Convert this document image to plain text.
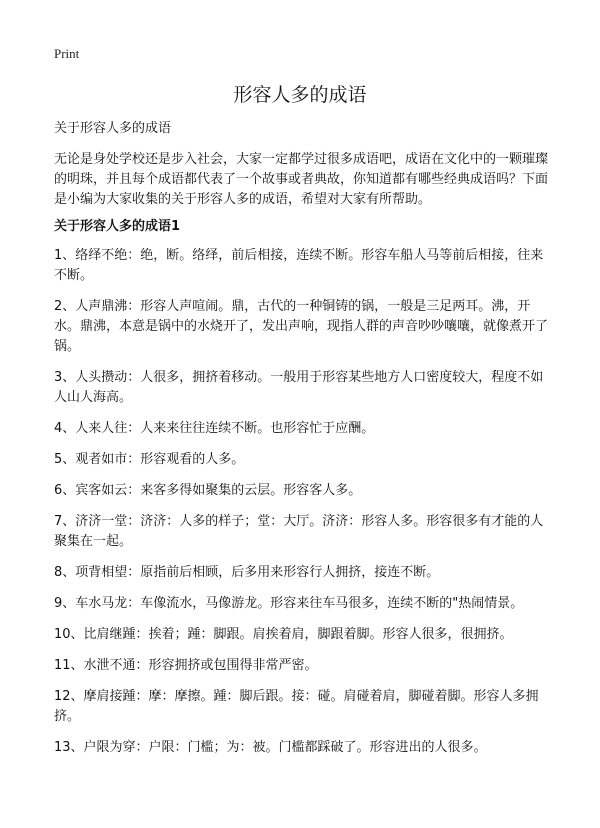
Print
形容人多的成语
关于形容人多的成语

无论是身处学校还是步入社会，大家一定都学过很多成语吧，成语在文化中的一颗璀璨的明珠，并且每个成语都代表了一个故事或者典故，你知道都有哪些经典成语吗？下面是小编为大家收集的关于形容人多的成语，希望对大家有所帮助。

关于形容人多的成语1
1、络绎不绝：绝，断。络绎，前后相接，连续不断。形容车船人马等前后相接，往来不断。
2、人声鼎沸：形容人声喧闹。鼎，古代的一种铜铸的锅，一般是三足两耳。沸，开水。鼎沸，本意是锅中的水烧开了，发出声响，现指人群的声音吵吵嚷嚷，就像煮开了锅。
3、人头攒动：人很多，拥挤着移动。一般用于形容某些地方人口密度较大，程度不如人山人海高。
4、人来人往：人来来往往连续不断。也形容忙于应酬。
5、观者如市：形容观看的人多。
6、宾客如云：来客多得如聚集的云层。形容客人多。
7、济济一堂：济济：人多的样子；堂：大厅。济济：形容人多。形容很多有才能的人聚集在一起。
8、项背相望：原指前后相顾，后多用来形容行人拥挤，接连不断。
9、车水马龙：车像流水，马像游龙。形容来往车马很多，连续不断的"热闹情景。
10、比肩继踵：挨着；踵：脚跟。肩挨着肩，脚跟着脚。形容人很多，很拥挤。
11、水泄不通：形容拥挤或包围得非常严密。
12、摩肩接踵：摩：摩擦。踵：脚后跟。接：碰。肩碰着肩，脚碰着脚。形容人多拥挤。
13、户限为穿：户限：门槛；为：被。门槛都踩破了。形容进出的人很多。
